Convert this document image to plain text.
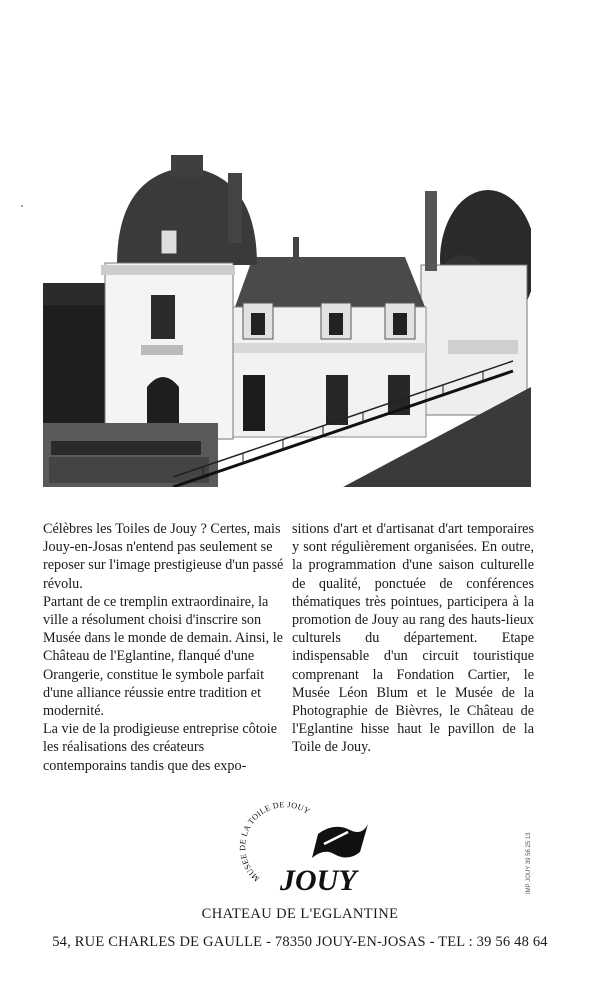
Célèbres les Toiles de Jouy ? Certes, mais Jouy-en-Josas n'entend pas seulement se reposer sur l'image prestigieuse d'un passé révolu.

Partant de ce tremplin extraordinaire, la ville a résolument choisi d'inscrire son Musée dans le monde de demain. Ainsi, le Château de l'Eglantine, flanqué d'une Orangerie, constitue le symbole parfait d'une alliance réussie entre tradition et modernité.

La vie de la prodigieuse entreprise côtoie les réalisations des créateurs contemporains tandis que des expo-

sitions d'art et d'artisanat d'art temporaires y sont régulièrement organisées. En outre, la programmation d'une saison culturelle de qualité, ponctuée de conférences thématiques très pointues, participera à la promotion de Jouy au rang des hauts-lieux culturels du département. Etape indispensable d'un circuit touristique comprenant la Fondation Cartier, le Musée Léon Blum et le Musée de la Photographie de Bièvres, le Château de l'Eglantine hisse haut le pavillon de la Toile de Jouy.

MUSEE DE LA TOILE DE JOUY
JOUY
CHATEAU DE L'EGLANTINE
54, RUE CHARLES DE GAULLE - 78350 JOUY-EN-JOSAS - TEL : 39 56 48 64
IMP JOUY 39 56 25 13
